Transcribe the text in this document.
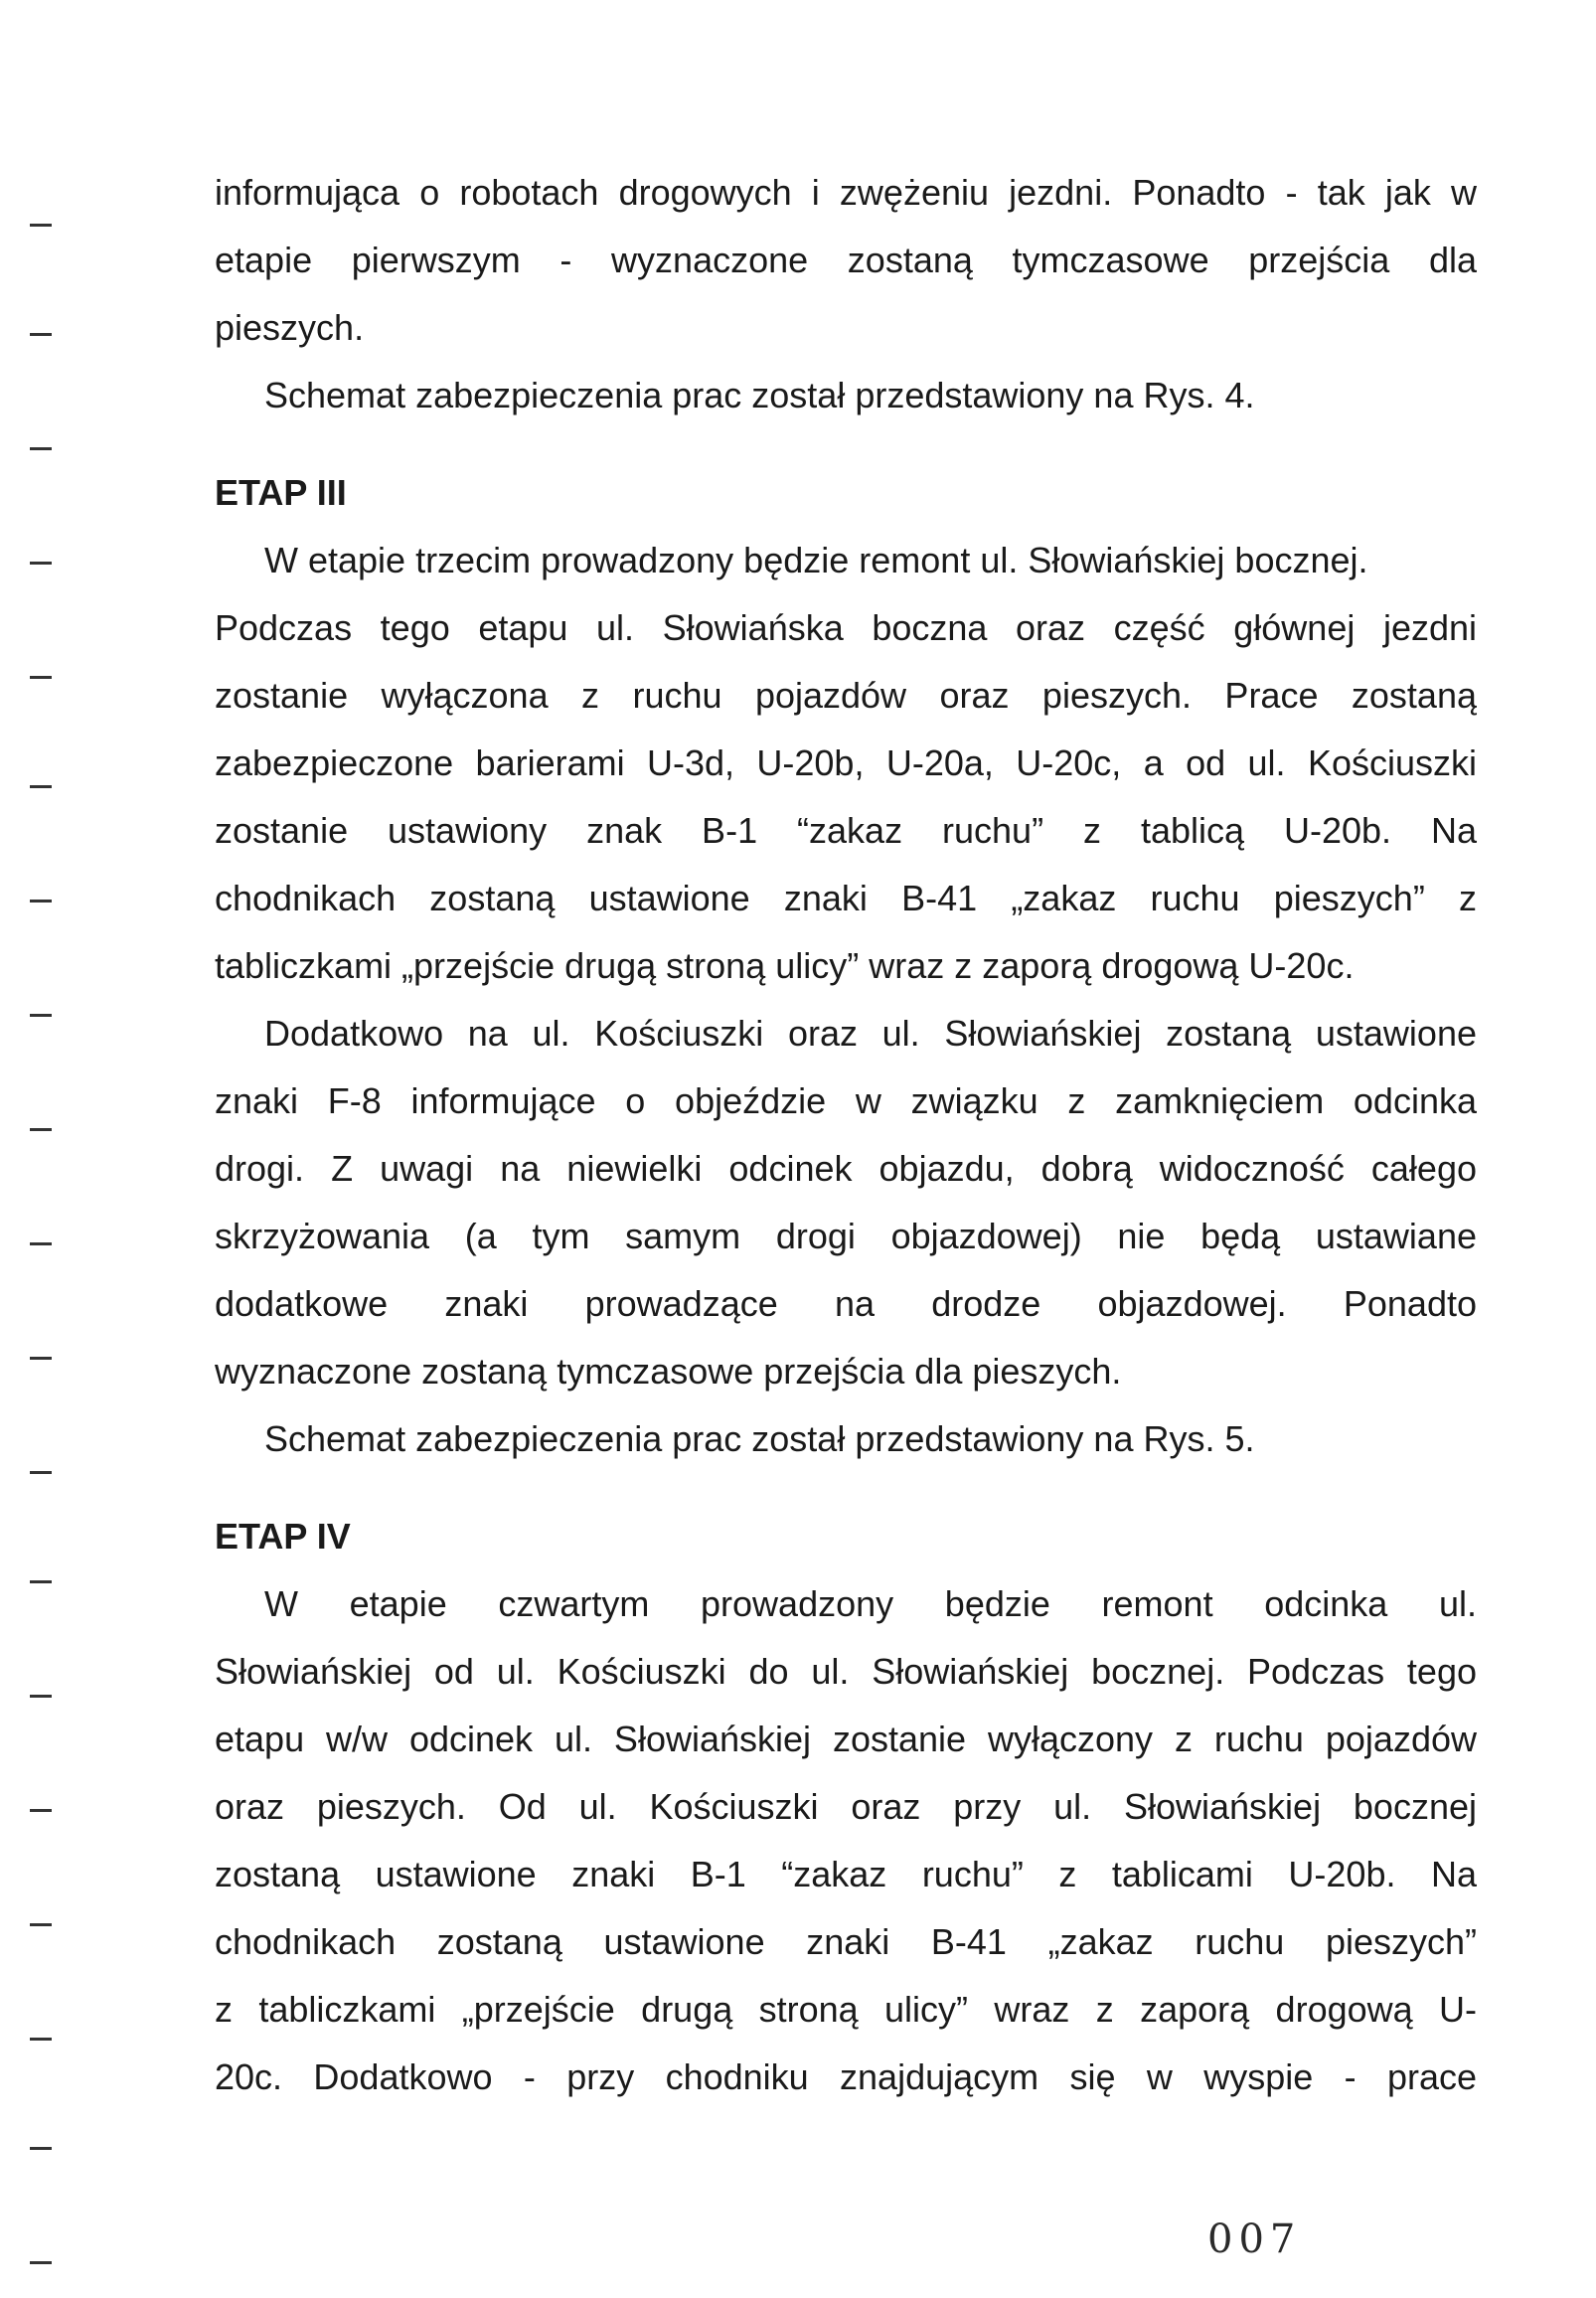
informująca o robotach drogowych i zwężeniu jezdni. Ponadto - tak jak w
etapie pierwszym - wyznaczone zostaną tymczasowe przejścia dla
pieszych.
Schemat zabezpieczenia prac został przedstawiony na Rys. 4.
ETAP III
W etapie trzecim prowadzony będzie remont ul. Słowiańskiej bocznej.
Podczas tego etapu ul. Słowiańska boczna oraz część głównej jezdni
zostanie wyłączona z ruchu pojazdów oraz pieszych. Prace zostaną
zabezpieczone barierami U-3d, U-20b, U-20a, U-20c, a od ul. Kościuszki
zostanie ustawiony znak B-1 “zakaz ruchu” z tablicą U-20b. Na
chodnikach zostaną ustawione znaki B-41 „zakaz ruchu pieszych” z
tabliczkami „przejście drugą stroną ulicy” wraz z zaporą drogową U-20c.
Dodatkowo na ul. Kościuszki oraz ul. Słowiańskiej zostaną ustawione
znaki F-8 informujące o objeździe w związku z zamknięciem odcinka
drogi. Z uwagi na niewielki odcinek objazdu, dobrą widoczność całego
skrzyżowania (a tym samym drogi objazdowej) nie będą ustawiane
dodatkowe znaki prowadzące na drodze objazdowej. Ponadto
wyznaczone zostaną tymczasowe przejścia dla pieszych.
Schemat zabezpieczenia prac został przedstawiony na Rys. 5.
ETAP IV
W etapie czwartym prowadzony będzie remont odcinka ul.
Słowiańskiej od ul. Kościuszki do ul. Słowiańskiej bocznej. Podczas tego
etapu w/w odcinek ul. Słowiańskiej zostanie wyłączony z ruchu pojazdów
oraz pieszych. Od ul. Kościuszki oraz przy ul. Słowiańskiej bocznej
zostaną ustawione znaki B-1 “zakaz ruchu” z tablicami U-20b. Na
chodnikach zostaną ustawione znaki B-41 „zakaz ruchu pieszych”
z tabliczkami „przejście drugą stroną ulicy” wraz z zaporą drogową U-
20c. Dodatkowo - przy chodniku znajdującym się w wyspie - prace
007
